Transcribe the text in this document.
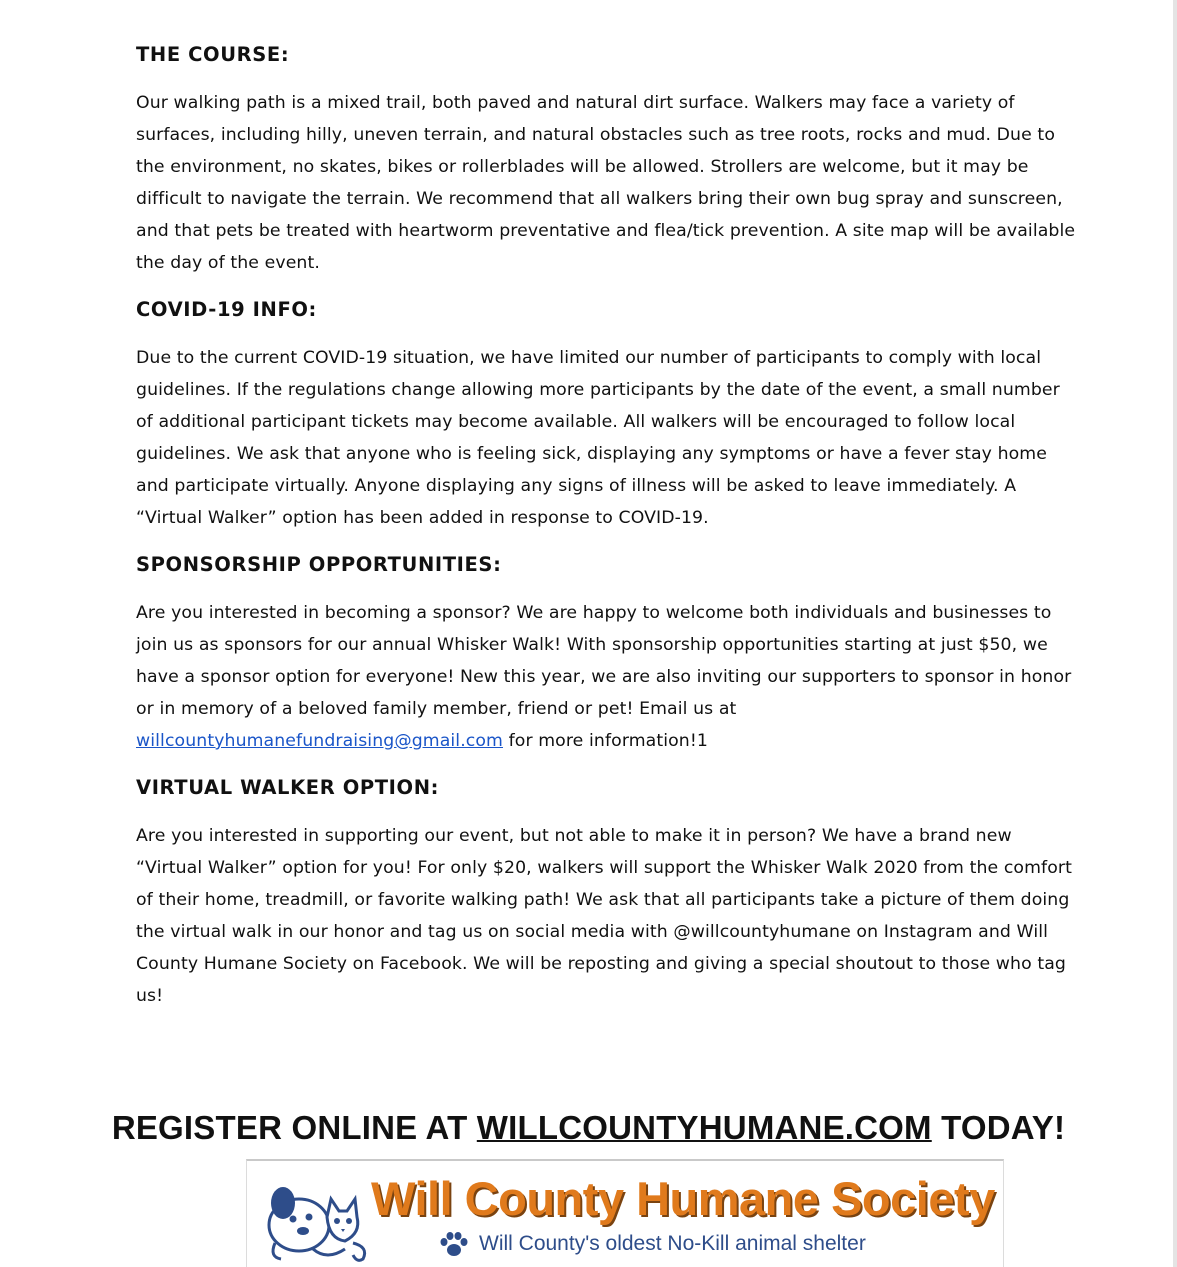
THE COURSE:

Our walking path is a mixed trail, both paved and natural dirt surface. Walkers may face a variety of surfaces, including hilly, uneven terrain, and natural obstacles such as tree roots, rocks and mud. Due to the environment, no skates, bikes or rollerblades will be allowed. Strollers are welcome, but it may be difficult to navigate the terrain. We recommend that all walkers bring their own bug spray and sunscreen, and that pets be treated with heartworm preventative and flea/tick prevention. A site map will be available the day of the event.

COVID-19 INFO:

Due to the current COVID-19 situation, we have limited our number of participants to comply with local guidelines. If the regulations change allowing more participants by the date of the event, a small number of additional participant tickets may become available. All walkers will be encouraged to follow local guidelines. We ask that anyone who is feeling sick, displaying any symptoms or have a fever stay home and participate virtually. Anyone displaying any signs of illness will be asked to leave immediately. A “Virtual Walker” option has been added in response to COVID-19.

SPONSORSHIP OPPORTUNITIES:

Are you interested in becoming a sponsor? We are happy to welcome both individuals and businesses to join us as sponsors for our annual Whisker Walk! With sponsorship opportunities starting at just $50, we have a sponsor option for everyone! New this year, we are also inviting our supporters to sponsor in honor or in memory of a beloved family member, friend or pet! Email us at willcountyhumanefundraising@gmail.com for more information!1

VIRTUAL WALKER OPTION:

Are you interested in supporting our event, but not able to make it in person? We have a brand new “Virtual Walker” option for you! For only $20, walkers will support the Whisker Walk 2020 from the comfort of their home, treadmill, or favorite walking path! We ask that all participants take a picture of them doing the virtual walk in our honor and tag us on social media with @willcountyhumane on Instagram and Will County Humane Society on Facebook. We will be reposting and giving a special shoutout to those who tag us!

REGISTER ONLINE AT WILLCOUNTYHUMANE.COM TODAY!
Will County Humane Society
Will County's oldest No-Kill animal shelter
